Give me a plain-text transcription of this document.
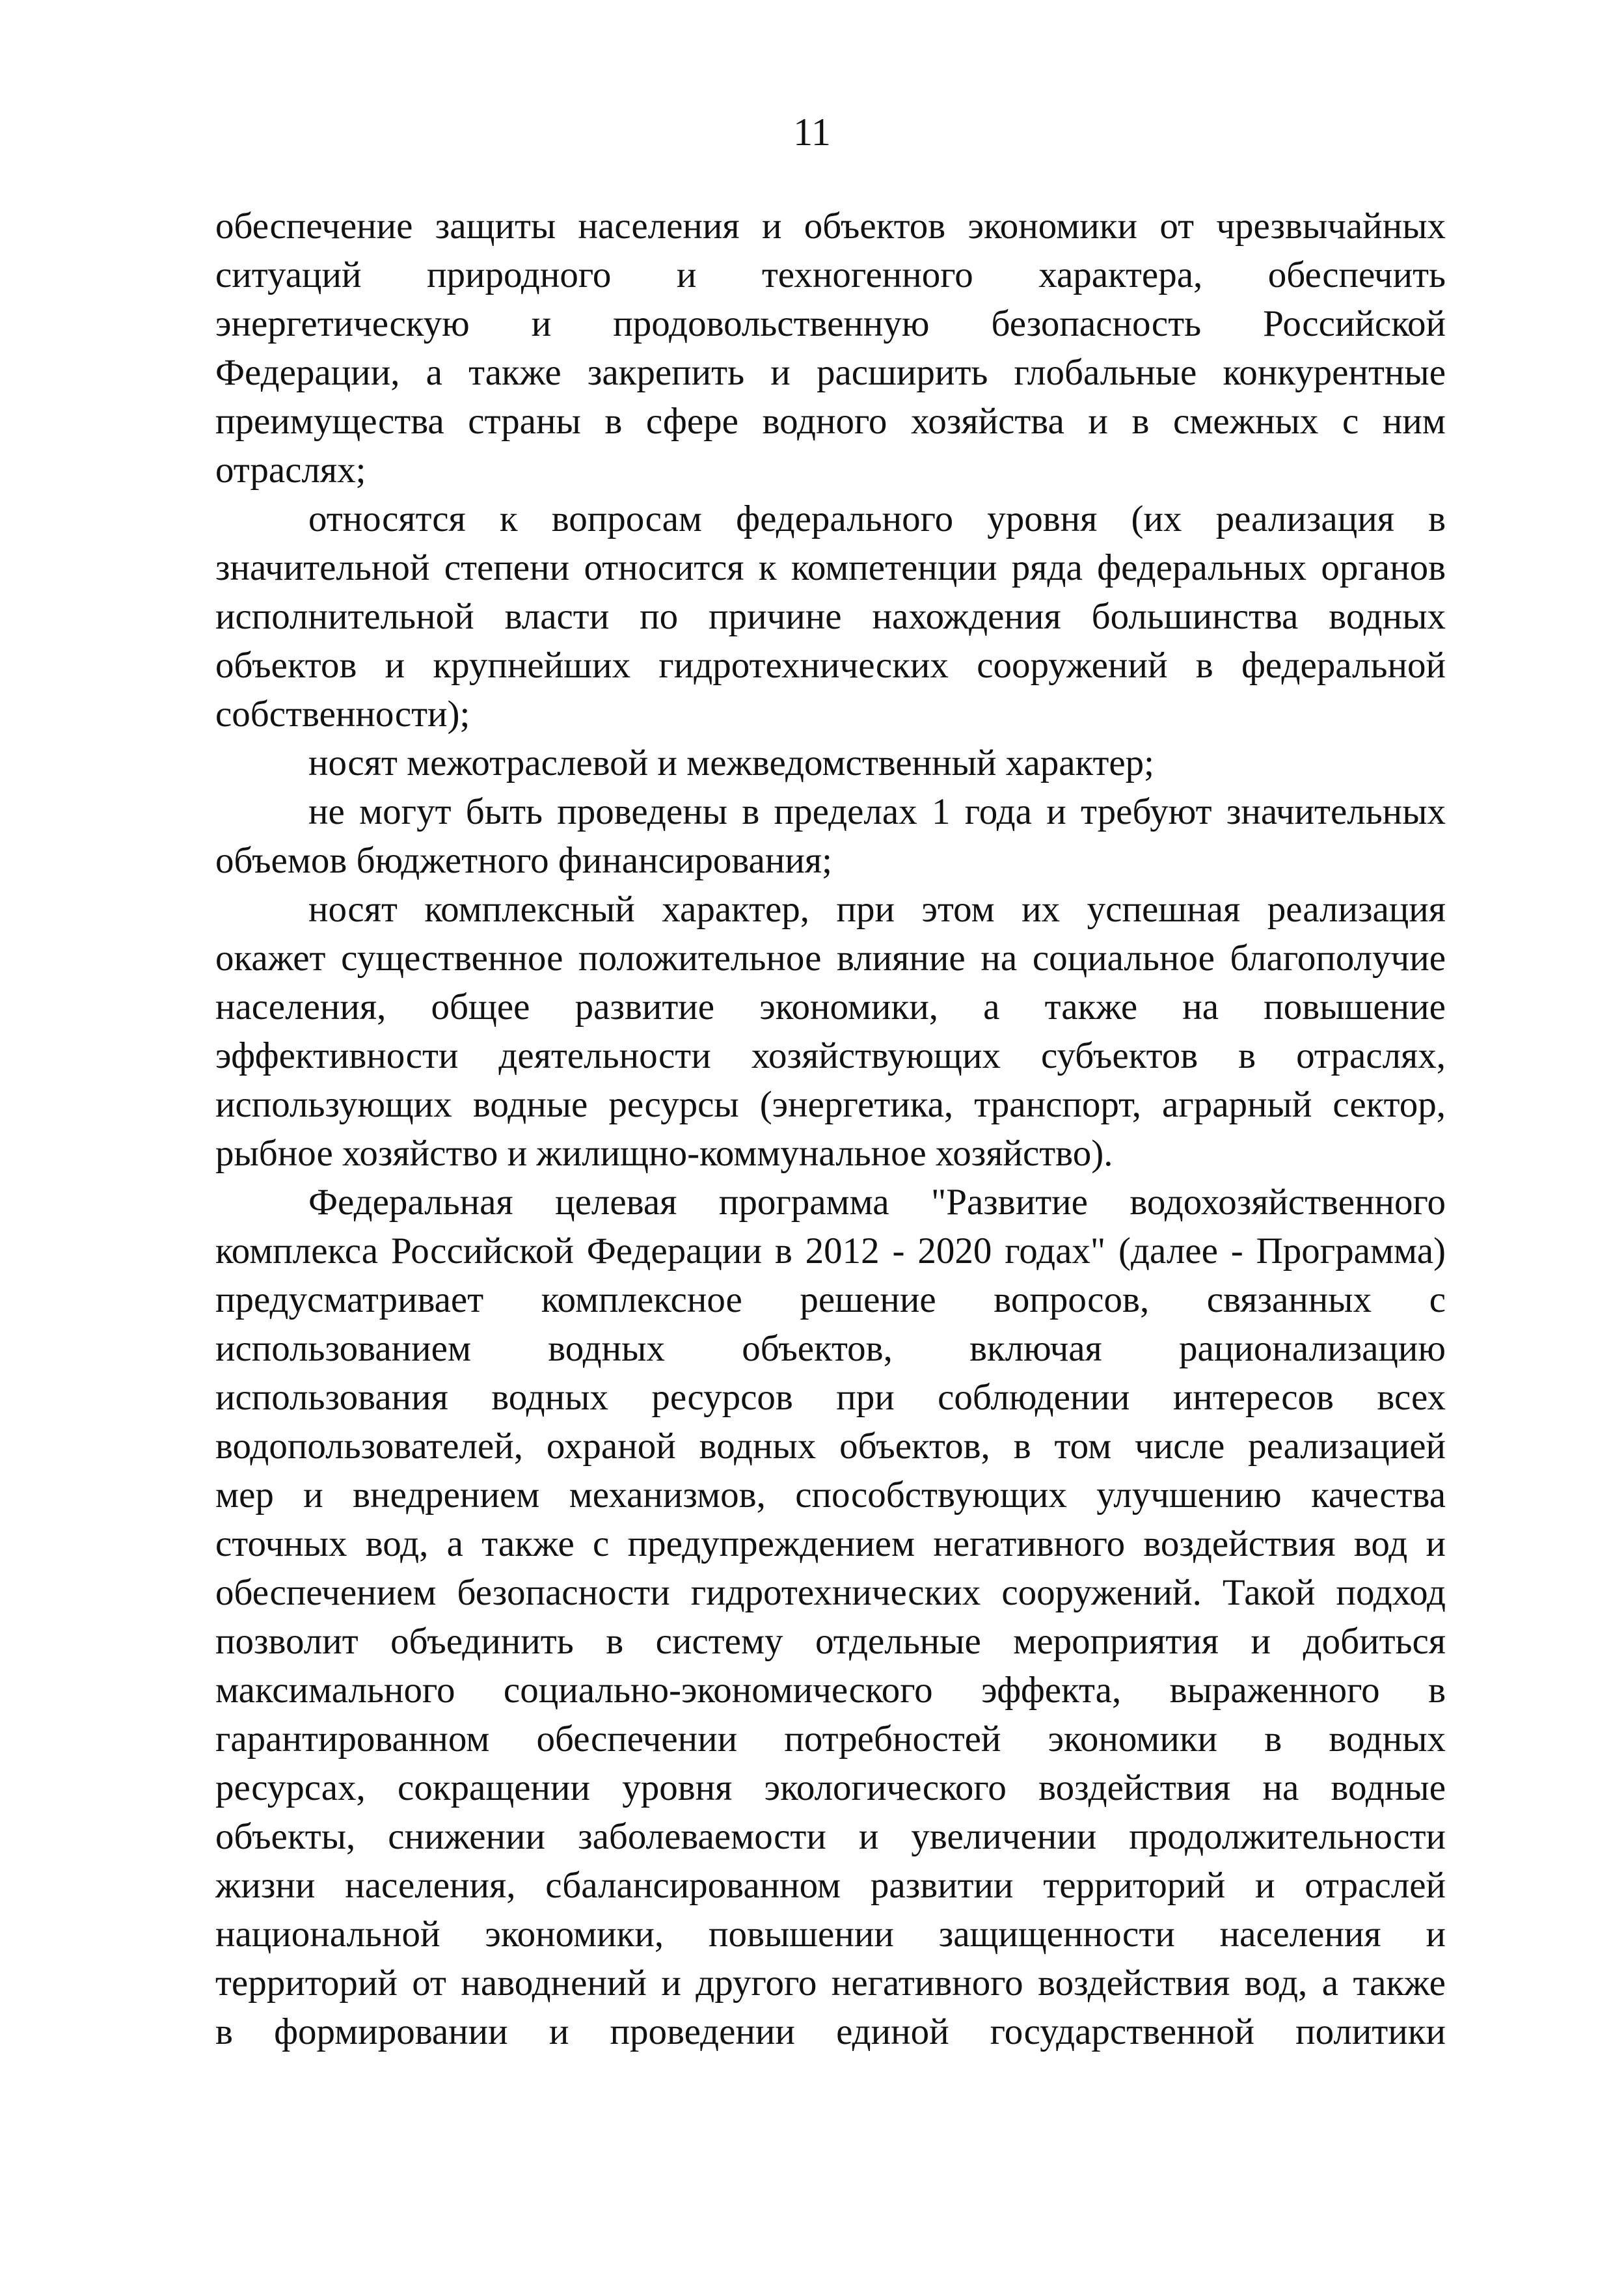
11
обеспечение защиты населения и объектов экономики от чрезвычайных
ситуаций природного и техногенного характера, обеспечить
энергетическую и продовольственную безопасность Российской
Федерации, а также закрепить и расширить глобальные конкурентные
преимущества страны в сфере водного хозяйства и в смежных с ним
отраслях;
относятся к вопросам федерального уровня (их реализация в
значительной степени относится к компетенции ряда федеральных органов
исполнительной власти по причине нахождения большинства водных
объектов и крупнейших гидротехнических сооружений в федеральной
собственности);
носят межотраслевой и межведомственный характер;
не могут быть проведены в пределах 1 года и требуют значительных
объемов бюджетного финансирования;
носят комплексный характер, при этом их успешная реализация
окажет существенное положительное влияние на социальное благополучие
населения, общее развитие экономики, а также на повышение
эффективности деятельности хозяйствующих субъектов в отраслях,
использующих водные ресурсы (энергетика, транспорт, аграрный сектор,
рыбное хозяйство и жилищно-коммунальное хозяйство).
Федеральная целевая программа "Развитие водохозяйственного
комплекса Российской Федерации в 2012 - 2020 годах" (далее - Программа)
предусматривает комплексное решение вопросов, связанных с
использованием водных объектов, включая рационализацию
использования водных ресурсов при соблюдении интересов всех
водопользователей, охраной водных объектов, в том числе реализацией
мер и внедрением механизмов, способствующих улучшению качества
сточных вод, а также с предупреждением негативного воздействия вод и
обеспечением безопасности гидротехнических сооружений. Такой подход
позволит объединить в систему отдельные мероприятия и добиться
максимального социально-экономического эффекта, выраженного в
гарантированном обеспечении потребностей экономики в водных
ресурсах, сокращении уровня экологического воздействия на водные
объекты, снижении заболеваемости и увеличении продолжительности
жизни населения, сбалансированном развитии территорий и отраслей
национальной экономики, повышении защищенности населения и
территорий от наводнений и другого негативного воздействия вод, а также
в формировании и проведении единой государственной политики
